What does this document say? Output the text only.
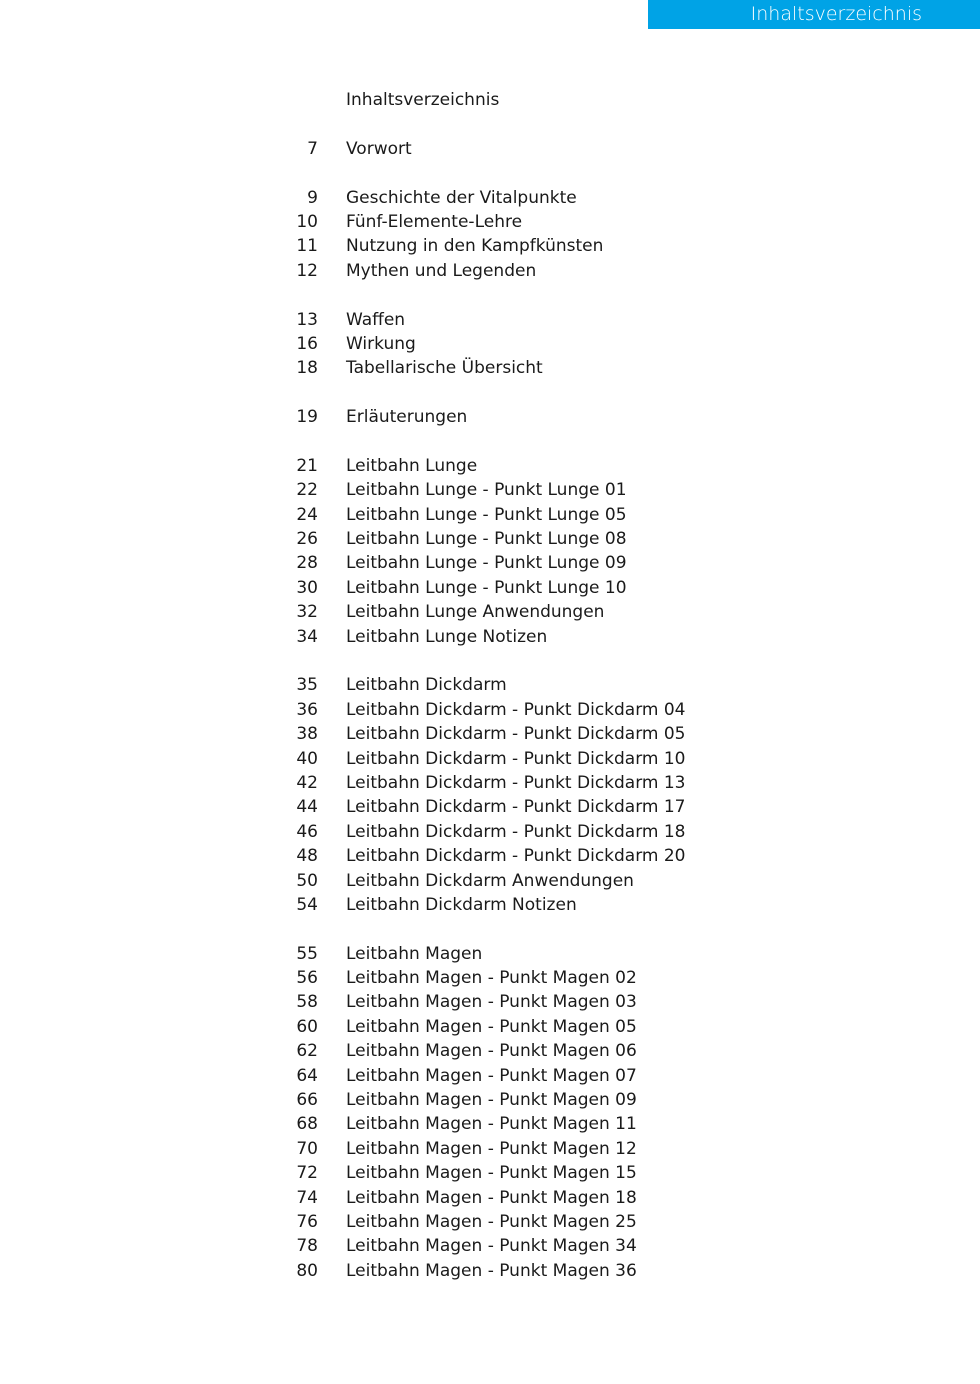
Inhaltsverzeichnis
Inhaltsverzeichnis
7 Vorwort
9 Geschichte der Vitalpunkte
10 Fünf-Elemente-Lehre
11 Nutzung in den Kampfkünsten
12 Mythen und Legenden
13 Waffen
16 Wirkung
18 Tabellarische Übersicht
19 Erläuterungen
21 Leitbahn Lunge
22 Leitbahn Lunge - Punkt Lunge 01
24 Leitbahn Lunge - Punkt Lunge 05
26 Leitbahn Lunge - Punkt Lunge 08
28 Leitbahn Lunge - Punkt Lunge 09
30 Leitbahn Lunge - Punkt Lunge 10
32 Leitbahn Lunge Anwendungen
34 Leitbahn Lunge Notizen
35 Leitbahn Dickdarm
36 Leitbahn Dickdarm - Punkt Dickdarm 04
38 Leitbahn Dickdarm - Punkt Dickdarm 05
40 Leitbahn Dickdarm - Punkt Dickdarm 10
42 Leitbahn Dickdarm - Punkt Dickdarm 13
44 Leitbahn Dickdarm - Punkt Dickdarm 17
46 Leitbahn Dickdarm - Punkt Dickdarm 18
48 Leitbahn Dickdarm - Punkt Dickdarm 20
50 Leitbahn Dickdarm Anwendungen
54 Leitbahn Dickdarm Notizen
55 Leitbahn Magen
56 Leitbahn Magen - Punkt Magen 02
58 Leitbahn Magen - Punkt Magen 03
60 Leitbahn Magen - Punkt Magen 05
62 Leitbahn Magen - Punkt Magen 06
64 Leitbahn Magen - Punkt Magen 07
66 Leitbahn Magen - Punkt Magen 09
68 Leitbahn Magen - Punkt Magen 11
70 Leitbahn Magen - Punkt Magen 12
72 Leitbahn Magen - Punkt Magen 15
74 Leitbahn Magen - Punkt Magen 18
76 Leitbahn Magen - Punkt Magen 25
78 Leitbahn Magen - Punkt Magen 34
80 Leitbahn Magen - Punkt Magen 36
